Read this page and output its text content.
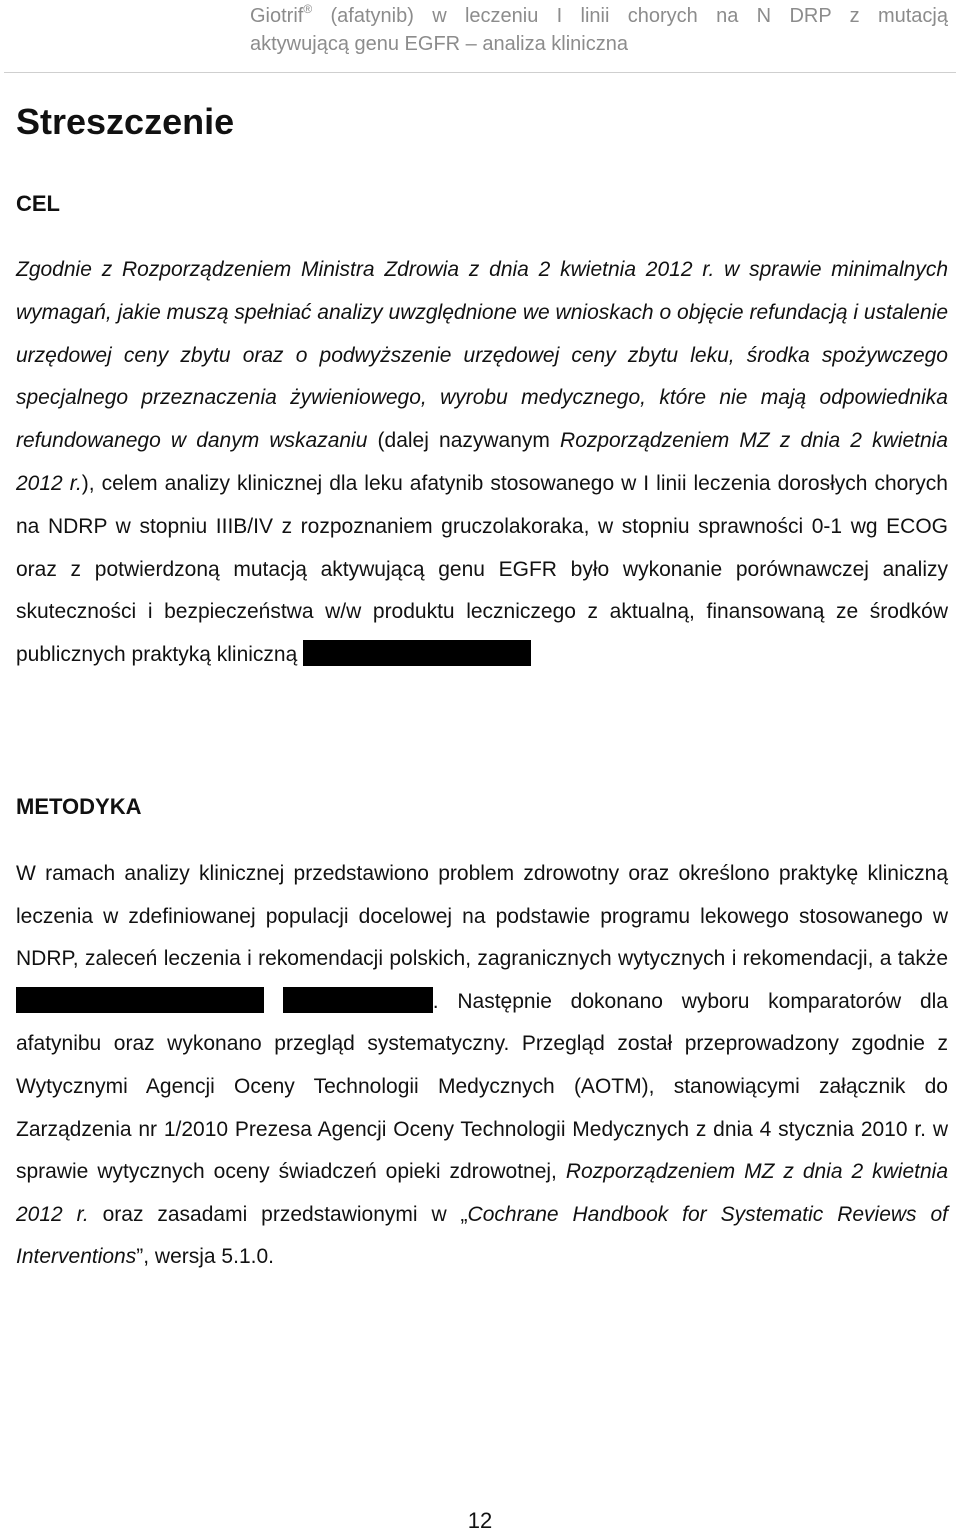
Giotrif® (afatynib) w leczeniu I linii chorych na N DRP z mutacją
aktywującą genu EGFR – analiza kliniczna
Streszczenie
CEL

Zgodnie z Rozporządzeniem Ministra Zdrowia z dnia 2 kwietnia 2012 r. w sprawie minimalnych wymagań, jakie muszą spełniać analizy uwzględnione we wnioskach o objęcie refundacją i ustalenie urzędowej ceny zbytu oraz o podwyższenie urzędowej ceny zbytu leku, środka spożywczego specjalnego przeznaczenia żywieniowego, wyrobu medycznego, które nie mają odpowiednika refundowanego w danym wskazaniu (dalej nazywanym Rozporządzeniem MZ z dnia 2 kwietnia 2012 r.), celem analizy klinicznej dla leku afatynib stosowanego w I linii leczenia dorosłych chorych na NDRP w stopniu IIIB/IV z rozpoznaniem gruczolakoraka, w stopniu sprawności 0-1 wg ECOG oraz z potwierdzoną mutacją aktywującą genu EGFR było wykonanie porównawczej analizy skuteczności i bezpieczeństwa w/w produktu leczniczego z aktualną, finansowaną ze środków publicznych praktyką kliniczną

METODYKA

W ramach analizy klinicznej przedstawiono problem zdrowotny oraz określono praktykę kliniczną leczenia w zdefiniowanej populacji docelowej na podstawie programu lekowego stosowanego w NDRP, zaleceń leczenia i rekomendacji polskich, zagranicznych wytycznych i rekomendacji, a także  . Następnie dokonano wyboru komparatorów dla afatynibu oraz wykonano przegląd systematyczny. Przegląd został przeprowadzony zgodnie z Wytycznymi Agencji Oceny Technologii Medycznych (AOTM), stanowiącymi załącznik do Zarządzenia nr 1/2010 Prezesa Agencji Oceny Technologii Medycznych z dnia 4 stycznia 2010 r. w sprawie wytycznych oceny świadczeń opieki zdrowotnej, Rozporządzeniem MZ z dnia 2 kwietnia 2012 r. oraz zasadami przedstawionymi w „Cochrane Handbook for Systematic Reviews of Interventions”, wersja 5.1.0.

12
